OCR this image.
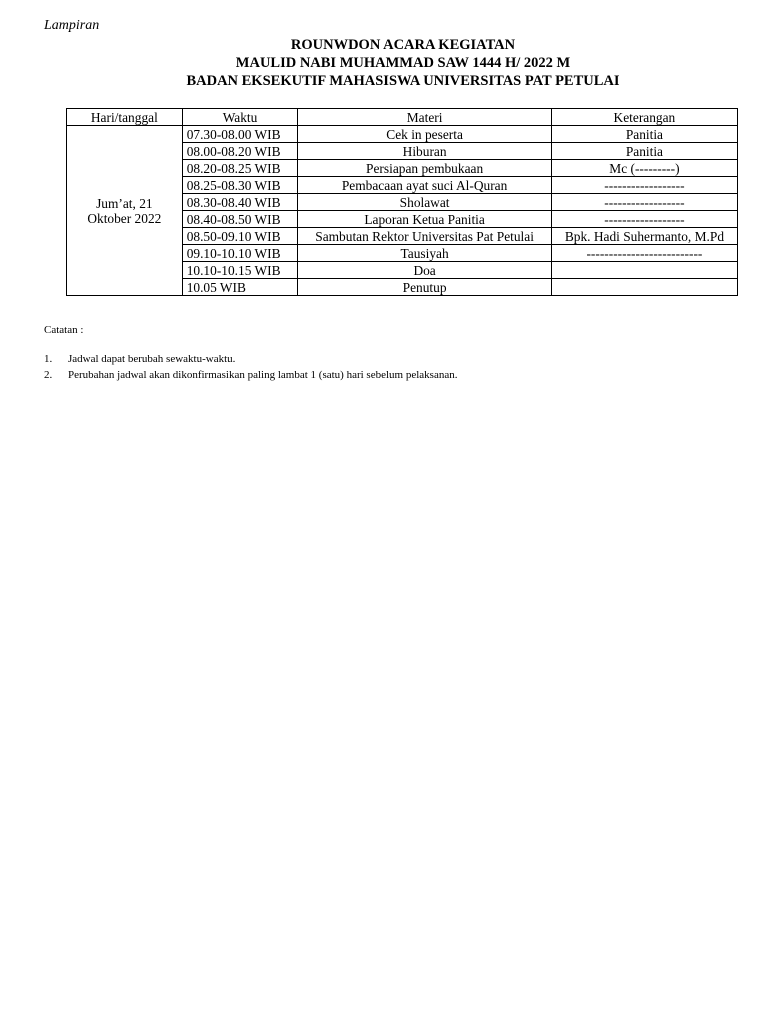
Lampiran
ROUNWDON ACARA KEGIATAN
MAULID NABI MUHAMMAD SAW 1444 H/ 2022 M
BADAN EKSEKUTIF MAHASISWA UNIVERSITAS PAT PETULAI
Hari/tanggal	Waktu	Materi	Keterangan

Jum’at, 21
Oktober 2022	07.30-08.00 WIB	Cek in peserta	Panitia
	08.00-08.20 WIB	Hiburan	Panitia
	08.20-08.25 WIB	Persiapan pembukaan	Mc (---------)
	08.25-08.30 WIB	Pembacaan ayat suci Al-Quran	------------------
	08.30-08.40 WIB	Sholawat	------------------
	08.40-08.50 WIB	Laporan Ketua Panitia	------------------
	08.50-09.10 WIB	Sambutan Rektor Universitas Pat Petulai	Bpk. Hadi Suhermanto, M.Pd
	09.10-10.10 WIB	Tausiyah	--------------------------
	10.10-10.15 WIB	Doa	
	10.05 WIB	Penutup	
Catatan :
1. Jadwal dapat berubah sewaktu-waktu.
2. Perubahan jadwal akan dikonfirmasikan paling lambat 1 (satu) hari sebelum pelaksanan.
